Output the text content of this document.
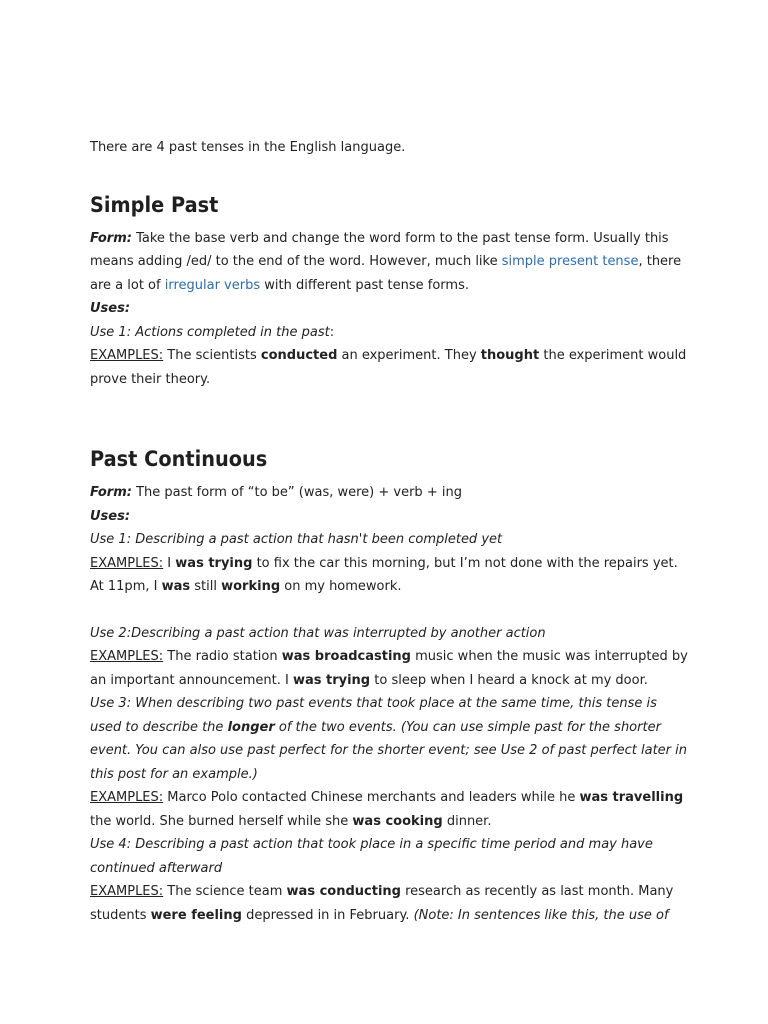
There are 4 past tenses in the English language.

Simple Past

Form: Take the base verb and change the word form to the past tense form. Usually this means adding /ed/ to the end of the word. However, much like simple present tense, there are a lot of irregular verbs with different past tense forms.

Uses:

Use 1: Actions completed in the past:

EXAMPLES: The scientists conducted an experiment. They thought the experiment would prove their theory.

Past Continuous

Form: The past form of “to be” (was, were) + verb + ing

Uses:

Use 1: Describing a past action that hasn't been completed yet

EXAMPLES: I was trying to fix the car this morning, but I’m not done with the repairs yet. At 11pm, I was still working on my homework.

Use 2:Describing a past action that was interrupted by another action

EXAMPLES: The radio station was broadcasting music when the music was interrupted by an important announcement. I was trying to sleep when I heard a knock at my door.

Use 3: When describing two past events that took place at the same time, this tense is used to describe the longer of the two events. (You can use simple past for the shorter event. You can also use past perfect for the shorter event; see Use 2 of past perfect later in this post for an example.)

EXAMPLES: Marco Polo contacted Chinese merchants and leaders while he was travelling the world. She burned herself while she was cooking dinner.

Use 4: Describing a past action that took place in a specific time period and may have continued afterward

EXAMPLES: The science team was conducting research as recently as last month. Many students were feeling depressed in in February. (Note: In sentences like this, the use of
